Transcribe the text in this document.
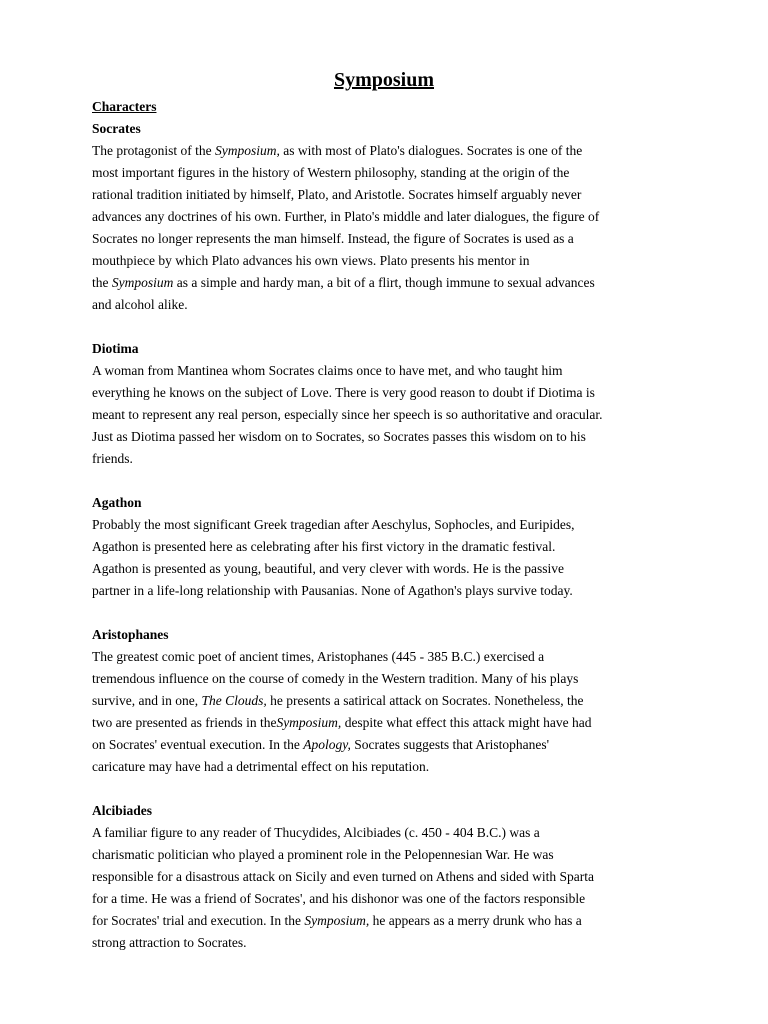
Symposium
Characters
Socrates
The protagonist of the Symposium, as with most of Plato's dialogues. Socrates is one of the
most important figures in the history of Western philosophy, standing at the origin of the
rational tradition initiated by himself, Plato, and Aristotle. Socrates himself arguably never
advances any doctrines of his own. Further, in Plato's middle and later dialogues, the figure of
Socrates no longer represents the man himself. Instead, the figure of Socrates is used as a
mouthpiece by which Plato advances his own views. Plato presents his mentor in
the Symposium as a simple and hardy man, a bit of a flirt, though immune to sexual advances
and alcohol alike.
Diotima
A woman from Mantinea whom Socrates claims once to have met, and who taught him
everything he knows on the subject of Love. There is very good reason to doubt if Diotima is
meant to represent any real person, especially since her speech is so authoritative and oracular.
Just as Diotima passed her wisdom on to Socrates, so Socrates passes this wisdom on to his
friends.
Agathon
Probably the most significant Greek tragedian after Aeschylus, Sophocles, and Euripides,
Agathon is presented here as celebrating after his first victory in the dramatic festival.
Agathon is presented as young, beautiful, and very clever with words. He is the passive
partner in a life-long relationship with Pausanias. None of Agathon's plays survive today.
Aristophanes
The greatest comic poet of ancient times, Aristophanes (445 - 385 B.C.) exercised a
tremendous influence on the course of comedy in the Western tradition. Many of his plays
survive, and in one, The Clouds, he presents a satirical attack on Socrates. Nonetheless, the
two are presented as friends in theSymposium, despite what effect this attack might have had
on Socrates' eventual execution. In the Apology, Socrates suggests that Aristophanes'
caricature may have had a detrimental effect on his reputation.
Alcibiades
A familiar figure to any reader of Thucydides, Alcibiades (c. 450 - 404 B.C.) was a
charismatic politician who played a prominent role in the Pelopennesian War. He was
responsible for a disastrous attack on Sicily and even turned on Athens and sided with Sparta
for a time. He was a friend of Socrates', and his dishonor was one of the factors responsible
for Socrates' trial and execution. In the Symposium, he appears as a merry drunk who has a
strong attraction to Socrates.
